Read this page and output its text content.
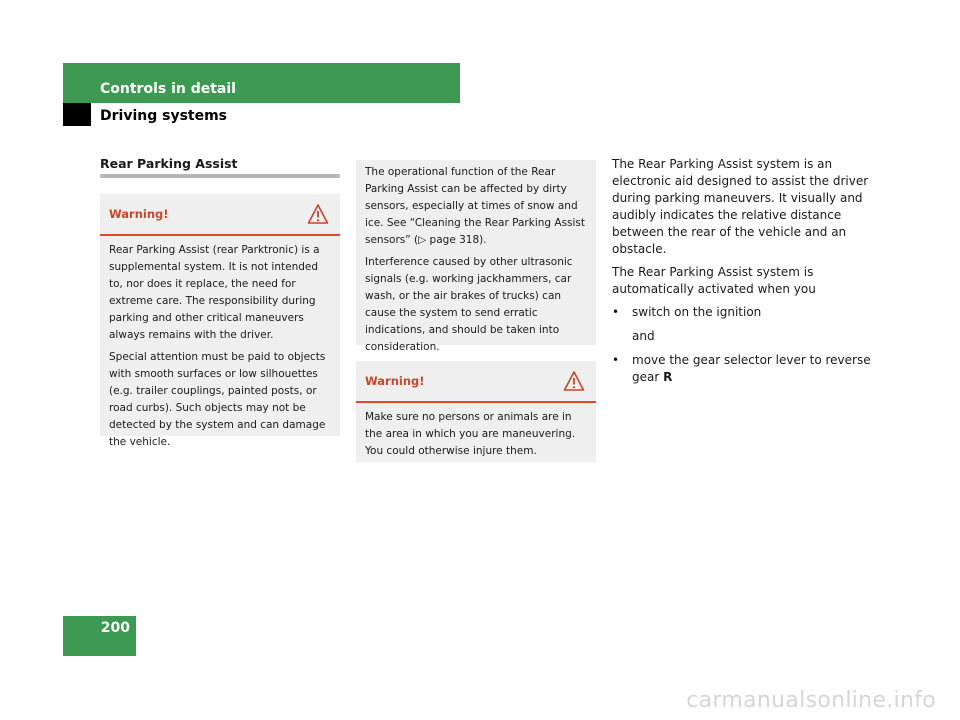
Controls in detail
Driving systems
Rear Parking Assist
Warning!

Rear Parking Assist (rear Parktronic) is a supplemental system. It is not intended to, nor does it replace, the need for extreme care. The responsibility during parking and other critical maneuvers always remains with the driver.

Special attention must be paid to objects with smooth surfaces or low silhouettes (e.g. trailer couplings, painted posts, or road curbs). Such objects may not be detected by the system and can damage the vehicle.

The operational function of the Rear Parking Assist can be affected by dirty sensors, especially at times of snow and ice. See “Cleaning the Rear Parking Assist sensors” (▷ page 318).

Interference caused by other ultrasonic signals (e.g. working jackhammers, car wash, or the air brakes of trucks) can cause the system to send erratic indications, and should be taken into consideration.

Warning!

Make sure no persons or animals are in the area in which you are maneuvering. You could otherwise injure them.

The Rear Parking Assist system is an electronic aid designed to assist the driver during parking maneuvers. It visually and audibly indicates the relative distance between the rear of the vehicle and an obstacle.

The Rear Parking Assist system is automatically activated when you

• switch on the ignition
and
• move the gear selector lever to reverse gear R
200
carmanualsonline.info
